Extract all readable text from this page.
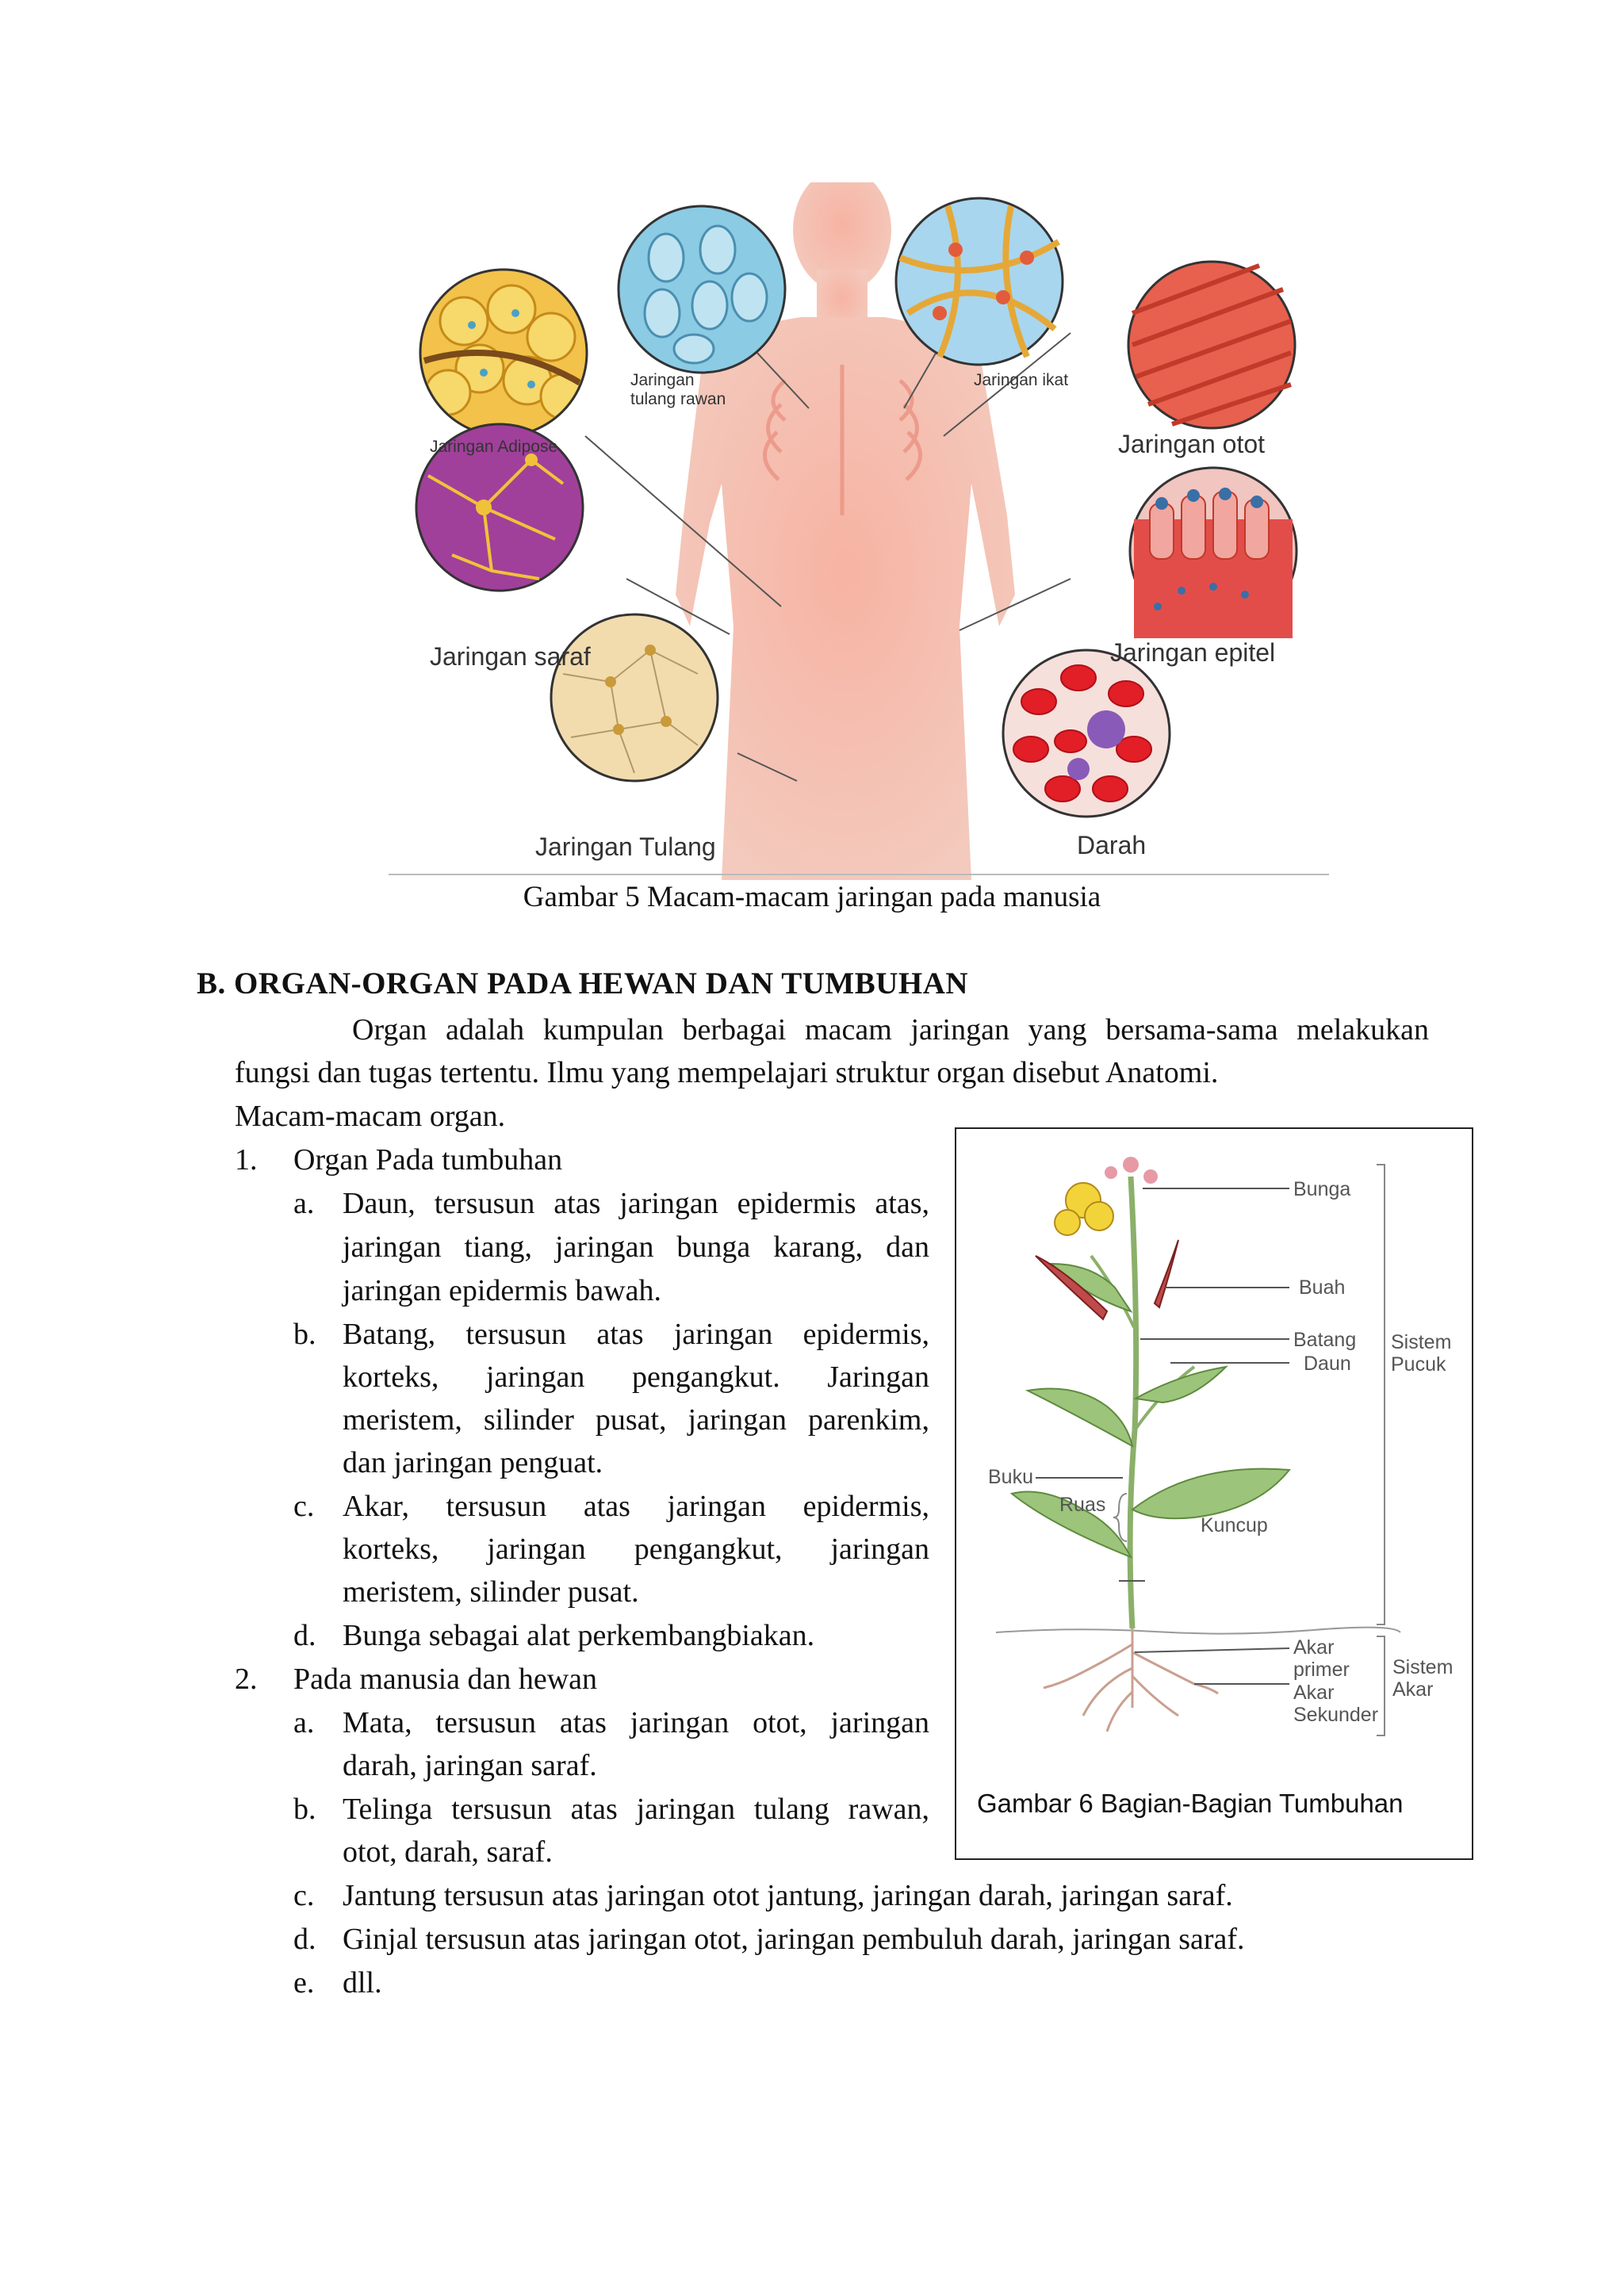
Jaringan Adipose
Jaringan tulang rawan
Jaringan ikat
Jaringan otot
Jaringan saraf	Jaringan epitel
Jaringan Tulang	Darah
Gambar 5 Macam-macam jaringan pada manusia
B. ORGAN-ORGAN PADA HEWAN DAN TUMBUHAN
Organ adalah kumpulan berbagai macam jaringan yang bersama-sama melakukan
fungsi dan tugas tertentu. Ilmu yang mempelajari struktur organ disebut Anatomi.
Macam-macam organ.
1. Organ Pada tumbuhan
a. Daun, tersusun atas jaringan epidermis atas,
jaringan tiang, jaringan bunga karang, dan
jaringan epidermis bawah.
b. Batang, tersusun atas jaringan epidermis,
korteks, jaringan pengangkut. Jaringan
meristem, silinder pusat, jaringan parenkim,
dan jaringan penguat.
c. Akar, tersusun atas jaringan epidermis,
korteks, jaringan pengangkut, jaringan
meristem, silinder pusat.
d. Bunga sebagai alat perkembangbiakan.
2. Pada manusia dan hewan
a. Mata, tersusun atas jaringan otot, jaringan
darah, jaringan saraf.
b. Telinga tersusun atas jaringan tulang rawan,
otot, darah, saraf.
c. Jantung tersusun atas jaringan otot jantung, jaringan darah, jaringan saraf.
d. Ginjal tersusun atas jaringan otot, jaringan pembuluh darah, jaringan saraf.
e. dll.
Bunga
Buah
Batang
Daun
Sistem Pucuk
Buku
Ruas
Kuncup
Akar primer
Akar Sekunder
Sistem Akar
Gambar 6 Bagian-Bagian Tumbuhan
